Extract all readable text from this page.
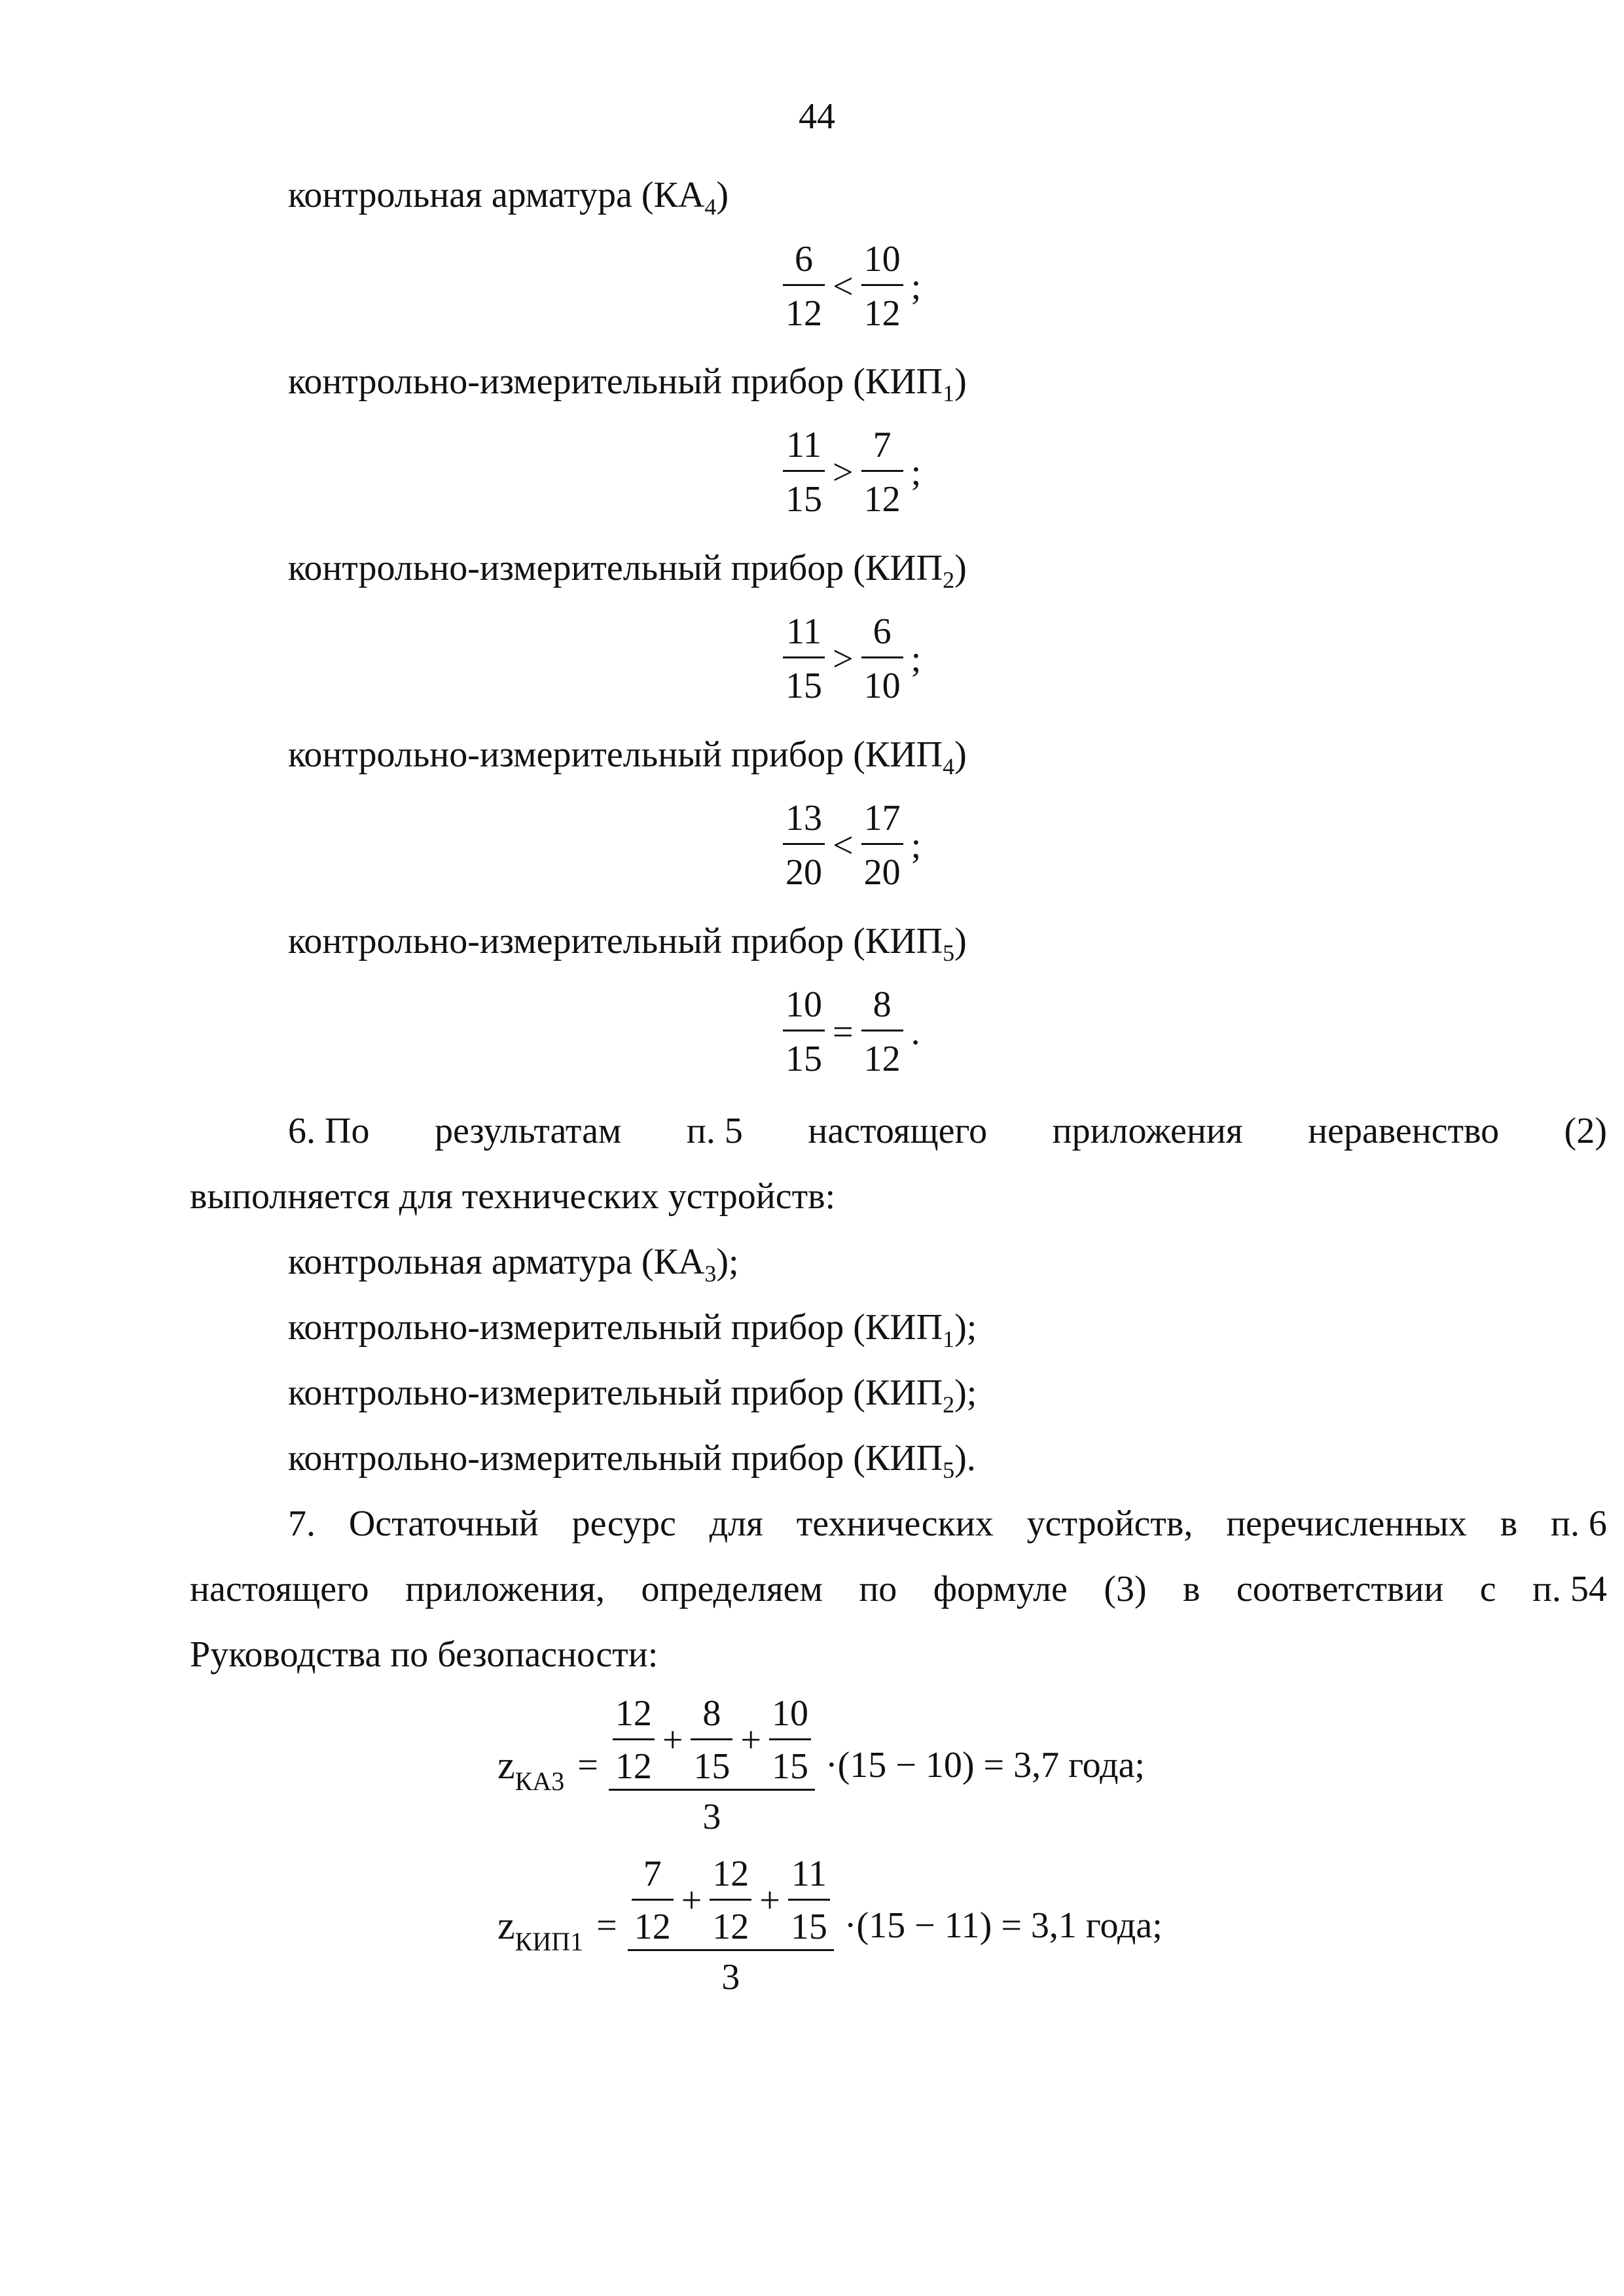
44
контрольная арматура $(КА_4)$
$\frac{6}{12} < \frac{10}{12}$ ;
контрольно-измерительный прибор $(КИП_1)$
$\frac{11}{15} > \frac{7}{12}$ ;
контрольно-измерительный прибор $(КИП_2)$
$\frac{11}{15} > \frac{6}{10}$ ;
контрольно-измерительный прибор $(КИП_4)$
$\frac{13}{20} < \frac{17}{20}$ ;
контрольно-измерительный прибор $(КИП_5)$
$\frac{10}{15} = \frac{8}{12}$ .
6. По результатам п. 5 настоящего приложения неравенство (2)
выполняется для технических устройств:
контрольная арматура $(КА_3)$;
контрольно-измерительный прибор $(КИП_1)$;
контрольно-измерительный прибор $(КИП_2)$;
контрольно-измерительный прибор $(КИП_5)$.
7. Остаточный ресурс для технических устройств, перечисленных в п. 6
настоящего приложения, определяем по формуле (3) в соответствии с п. 54
Руководства по безопасности:
$z_{КА3} = \frac{\frac{12}{12} + \frac{8}{15} + \frac{10}{15}}{3} \cdot(15 - 10) = 3,7$ года;
$z_{КИП1} = \frac{\frac{7}{12} + \frac{12}{12} + \frac{11}{15}}{3} \cdot(15 - 11) = 3,1$ года;
